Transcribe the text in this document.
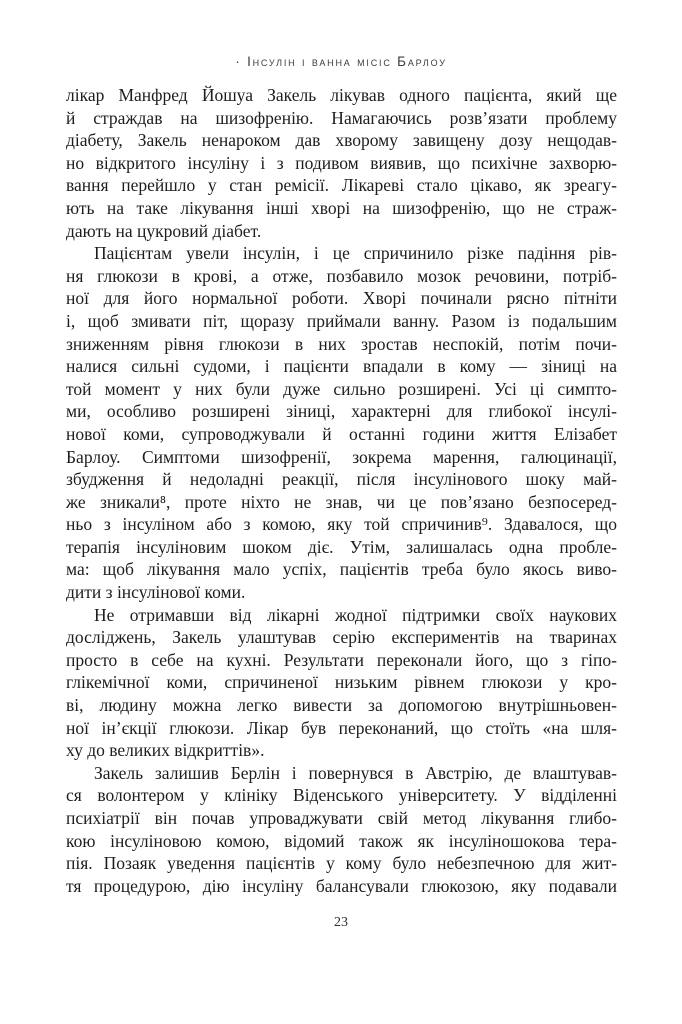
· Інсулін і ванна місіс Барлоу
лікар Манфред Йошуа Закель лікував одного пацієнта, який ще
й страждав на шизофренію. Намагаючись розв’язати проблему
діабету, Закель ненароком дав хворому завищену дозу нещодав-
но відкритого інсуліну і з подивом виявив, що психічне захворю-
вання перейшло у стан ремісії. Лікареві стало цікаво, як зреагу-
ють на таке лікування інші хворі на шизофренію, що не страж-
дають на цукровий діабет.
Пацієнтам увели інсулін, і це спричинило різке падіння рів-
ня глюкози в крові, а отже, позбавило мозок речовини, потріб-
ної для його нормальної роботи. Хворі починали рясно пітніти
і, щоб змивати піт, щоразу приймали ванну. Разом із подальшим
зниженням рівня глюкози в них зростав неспокій, потім почи-
налися сильні судоми, і пацієнти впадали в кому — зіниці на
той момент у них були дуже сильно розширені. Усі ці симпто-
ми, особливо розширені зіниці, характерні для глибокої інсулі-
нової коми, супроводжували й останні години життя Елізабет
Барлоу. Симптоми шизофренії, зокрема марення, галюцинації,
збудження й недоладні реакції, після інсулінового шоку май-
же зникали⁸, проте ніхто не знав, чи це пов’язано безпосеред-
ньо з інсуліном або з комою, яку той спричинив⁹. Здавалося, що
терапія інсуліновим шоком діє. Утім, залишалась одна пробле-
ма: щоб лікування мало успіх, пацієнтів треба було якось виво-
дити з інсулінової коми.
Не отримавши від лікарні жодної підтримки своїх наукових
досліджень, Закель улаштував серію експериментів на тваринах
просто в себе на кухні. Результати переконали його, що з гіпо-
глікемічної коми, спричиненої низьким рівнем глюкози у кро-
ві, людину можна легко вивести за допомогою внутрішньовен-
ної ін’єкції глюкози. Лікар був переконаний, що стоїть «на шля-
ху до великих відкриттів».
Закель залишив Берлін і повернувся в Австрію, де влаштував-
ся волонтером у клініку Віденського університету. У відділенні
психіатрії він почав упроваджувати свій метод лікування глибо-
кою інсуліновою комою, відомий також як інсуліношокова тера-
пія. Позаяк уведення пацієнтів у кому було небезпечною для жит-
тя процедурою, дію інсуліну балансували глюкозою, яку подавали
23
